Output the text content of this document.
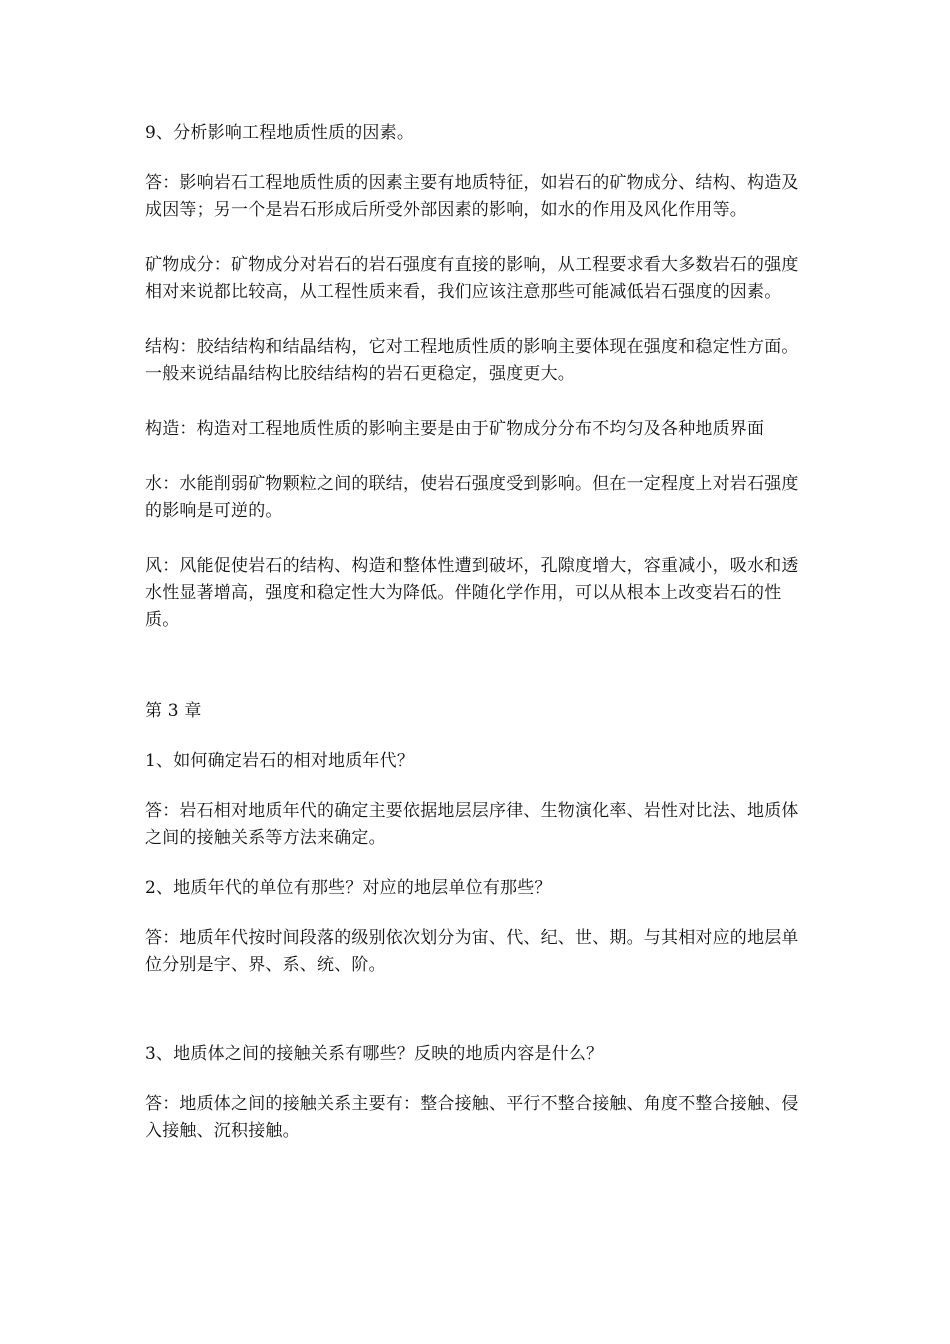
9、分析影响工程地质性质的因素。

答：影响岩石工程地质性质的因素主要有地质特征，如岩石的矿物成分、结构、构造及成因等；另一个是岩石形成后所受外部因素的影响，如水的作用及风化作用等。

矿物成分：矿物成分对岩石的岩石强度有直接的影响，从工程要求看大多数岩石的强度相对来说都比较高，从工程性质来看，我们应该注意那些可能减低岩石强度的因素。

结构：胶结结构和结晶结构，它对工程地质性质的影响主要体现在强度和稳定性方面。一般来说结晶结构比胶结结构的岩石更稳定，强度更大。

构造：构造对工程地质性质的影响主要是由于矿物成分分布不均匀及各种地质界面

水：水能削弱矿物颗粒之间的联结，使岩石强度受到影响。但在一定程度上对岩石强度的影响是可逆的。

风：风能促使岩石的结构、构造和整体性遭到破坏，孔隙度增大，容重减小，吸水和透水性显著增高，强度和稳定性大为降低。伴随化学作用，可以从根本上改变岩石的性质。

第 3 章

1、如何确定岩石的相对地质年代？

答：岩石相对地质年代的确定主要依据地层层序律、生物演化率、岩性对比法、地质体之间的接触关系等方法来确定。

2、地质年代的单位有那些？对应的地层单位有那些？

答：地质年代按时间段落的级别依次划分为宙、代、纪、世、期。与其相对应的地层单位分别是宇、界、系、统、阶。

3、地质体之间的接触关系有哪些？反映的地质内容是什么？

答：地质体之间的接触关系主要有：整合接触、平行不整合接触、角度不整合接触、侵入接触、沉积接触。
